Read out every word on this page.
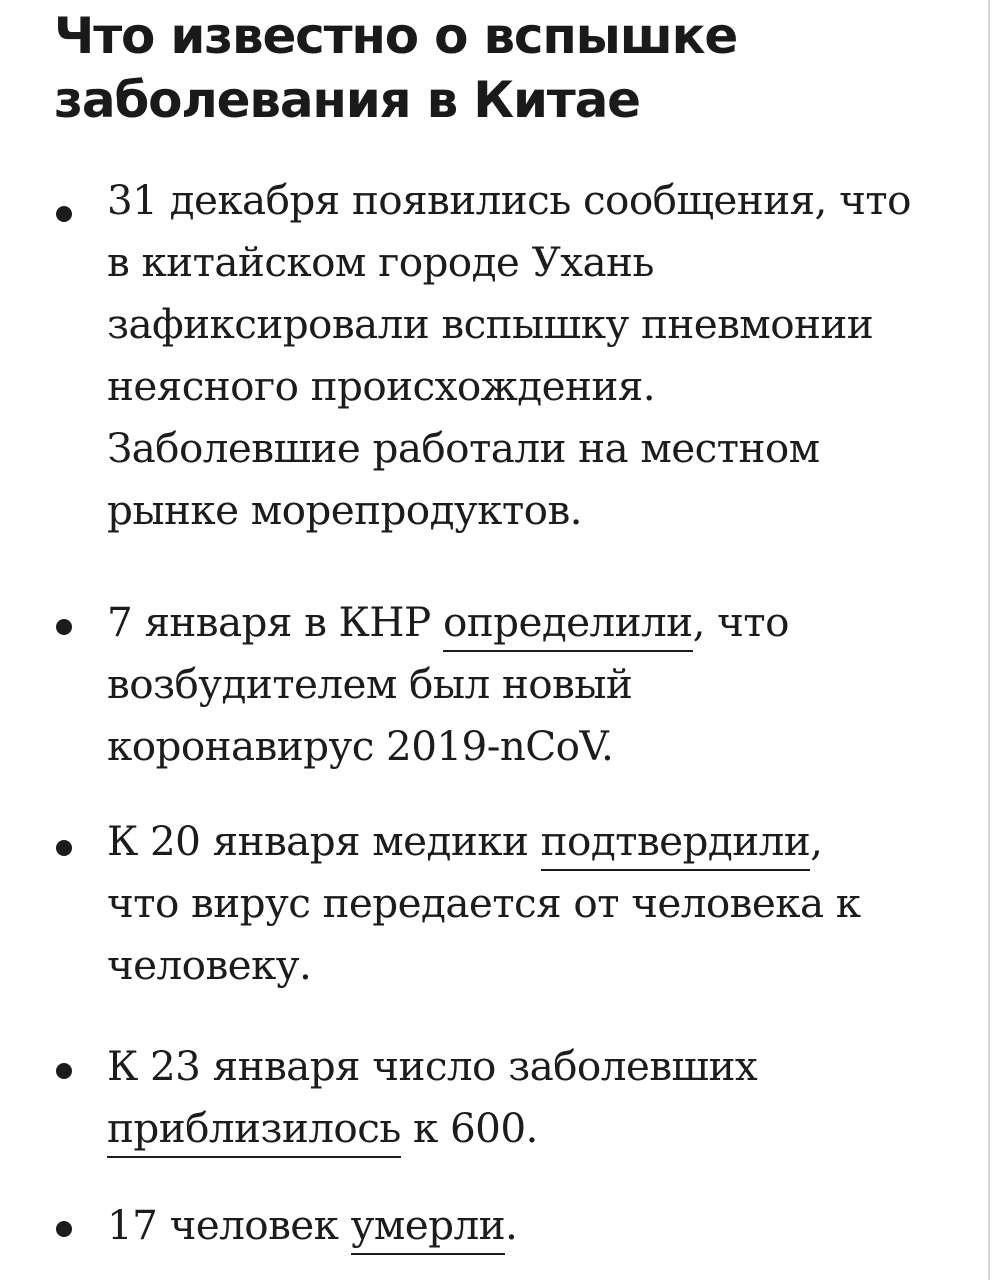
Что известно о вспышке
заболевания в Китае
31 декабря появились сообщения, что
в китайском городе Ухань
зафиксировали вспышку пневмонии
неясного происхождения.
Заболевшие работали на местном
рынке морепродуктов.
7 января в КНР определили, что
возбудителем был новый
коронавирус 2019-nCoV.
К 20 января медики подтвердили,
что вирус передается от человека к
человеку.
К 23 января число заболевших
приблизилось к 600.
17 человек умерли.
